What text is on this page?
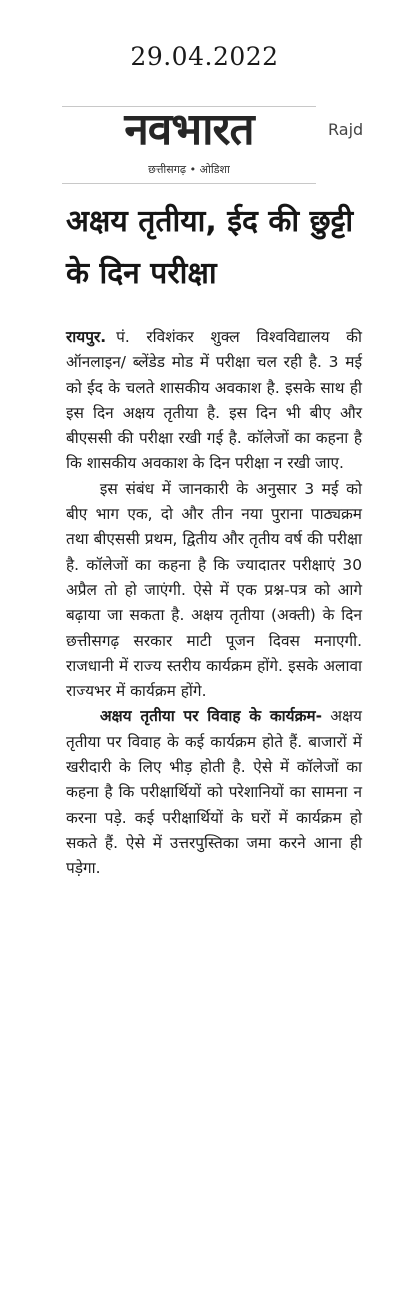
29.04.2022
नवभारत
छत्तीसगढ़ • ओडिशा
Rajd
अक्षय तृतीया, ईद की छुट्टी के दिन परीक्षा

रायपुर. पं. रविशंकर शुक्ल विश्वविद्यालय की ऑनलाइन/ ब्लेंडेड मोड में परीक्षा चल रही है. 3 मई को ईद के चलते शासकीय अवकाश है. इसके साथ ही इस दिन अक्षय तृतीया है. इस दिन भी बीए और बीएससी की परीक्षा रखी गई है. कॉलेजों का कहना है कि शासकीय अवकाश के दिन परीक्षा न रखी जाए.

इस संबंध में जानकारी के अनुसार 3 मई को बीए भाग एक, दो और तीन नया पुराना पाठ्यक्रम तथा बीएससी प्रथम, द्वितीय और तृतीय वर्ष की परीक्षा है. कॉलेजों का कहना है कि ज्यादातर परीक्षाएं 30 अप्रैल तो हो जाएंगी. ऐसे में एक प्रश्न-पत्र को आगे बढ़ाया जा सकता है. अक्षय तृतीया (अक्ती) के दिन छत्तीसगढ़ सरकार माटी पूजन दिवस मनाएगी. राजधानी में राज्य स्तरीय कार्यक्रम होंगे. इसके अलावा राज्यभर में कार्यक्रम होंगे.

अक्षय तृतीया पर विवाह के कार्यक्रम- अक्षय तृतीया पर विवाह के कई कार्यक्रम होते हैं. बाजारों में खरीदारी के लिए भीड़ होती है. ऐसे में कॉलेजों का कहना है कि परीक्षार्थियों को परेशानियों का सामना न करना पड़े. कई परीक्षार्थियों के घरों में कार्यक्रम हो सकते हैं. ऐसे में उत्तरपुस्तिका जमा करने आना ही पड़ेगा.
